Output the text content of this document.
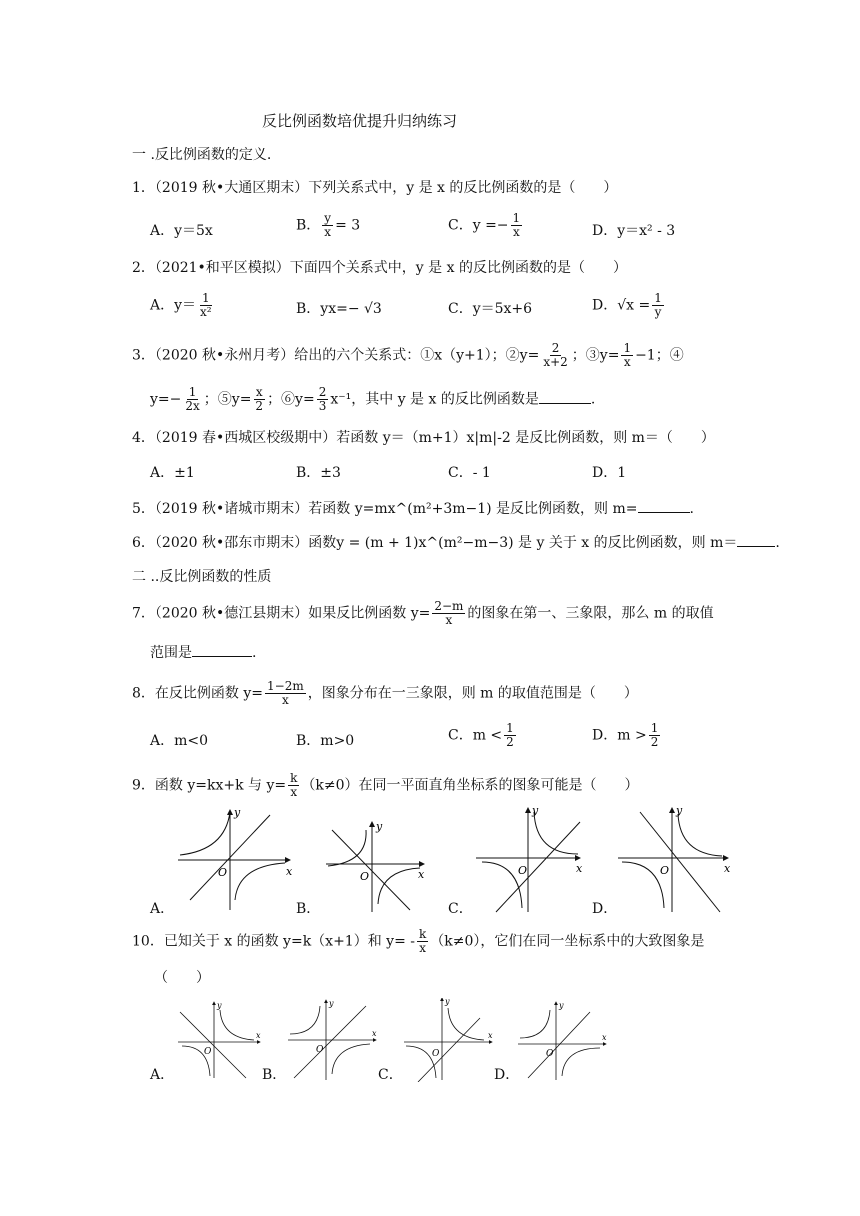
反比例函数培优提升归纳练习
一 .反比例函数的定义.
1．（2019 秋•大通区期末）下列关系式中，y 是 x 的反比例函数的是（　　）
A．y＝5x	B． $\frac{y}{x} = 3$	C．$y =- \frac{1}{x}$	D．y＝x² - 3
2．（2021•和平区模拟）下面四个关系式中，y 是 x 的反比例函数的是（　　）
A．$y= \frac{1}{\text{x²}}$	B．yx=− √3	C．y＝5x+6	D．$√x = \frac{1}{y}$
3．（2020 秋•永州月考）给出的六个关系式：①x（y+1）；②y= $\frac{2}{x+2}$ ；③y= $\frac{1}{x} -1$；④
$y=- \frac{1}{2x}$ ；⑤y= $\frac{x}{2}$ ；⑥y= $\frac{2}{3} x^{-1}$，其中 y 是 x 的反比例函数是	.
4．（2019 春•西城区校级期中）若函数 y＝（m+1）x|m|-2 是反比例函数，则 m＝（　　）
A．±1	B．±3	C．- 1	D．1
5．（2019 秋•诸城市期末）若函数 y=mx^(m²+3m−1) 是反比例函数，则 m=	.
6．（2020 秋•邵东市期末）函数y = (m + 1)x^(m²−m−3) 是 y 关于 x 的反比例函数，则 m＝	.
二 ..反比例函数的性质
7．（2020 秋•德江县期末）如果反比例函数 $y= \frac{2-m}{x}$ 的图象在第一、三象限，那么 m 的取值
范围是	.
8．在反比例函数 $y= \frac{1-2m}{x}$ ，图象分布在一三象限，则 m 的取值范围是（　　）
A．m<0	B．m>0	C．$m < \frac{1}{2}$	D．$m > \frac{1}{2}$
9．函数 y=kx+k 与 $y= \frac{k}{x} (k\ne 0)$在同一平面直角坐标系的图象可能是（　　）
y
x
O
y
x
O
y
x
O
y
x
O
A．	B．	C．	D．
10．已知关于 x 的函数 y=k（x+1）和 $y= - \frac{k}{x} (k\ne 0)$，它们在同一坐标系中的大致图象是
（　　）
y
x
O
y
x
O
y
x
O
y
x
O
A．	B．	C．	D．
